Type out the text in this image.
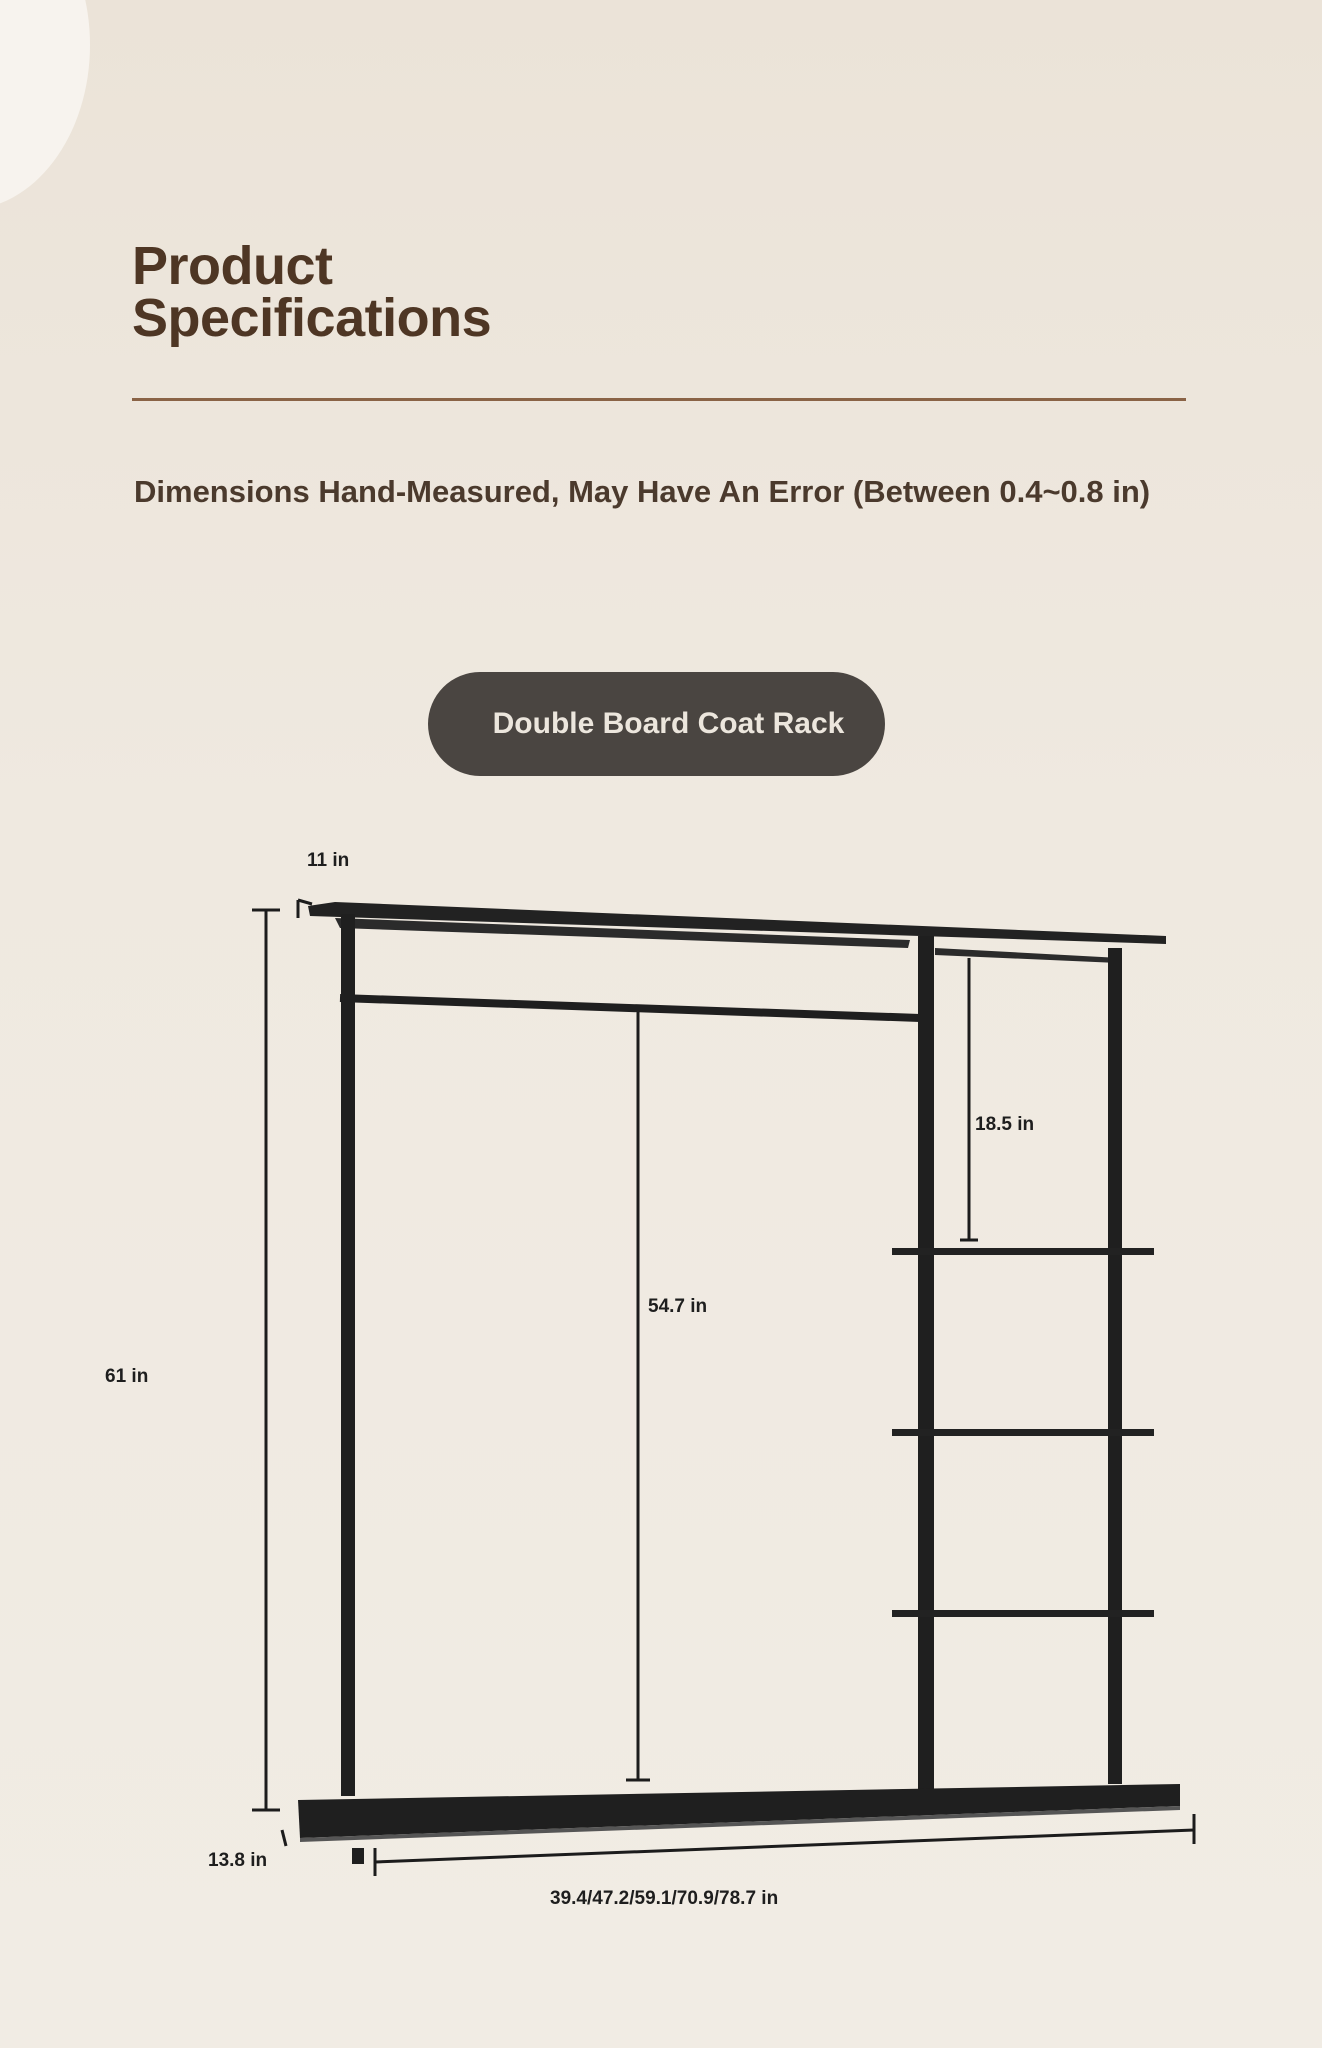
Product
Specifications

Dimensions Hand-Measured, May Have An Error (Between 0.4~0.8 in)

Double Board Coat Rack
11 in
61 in
54.7 in
18.5 in
13.8 in
39.4/47.2/59.1/70.9/78.7 in
